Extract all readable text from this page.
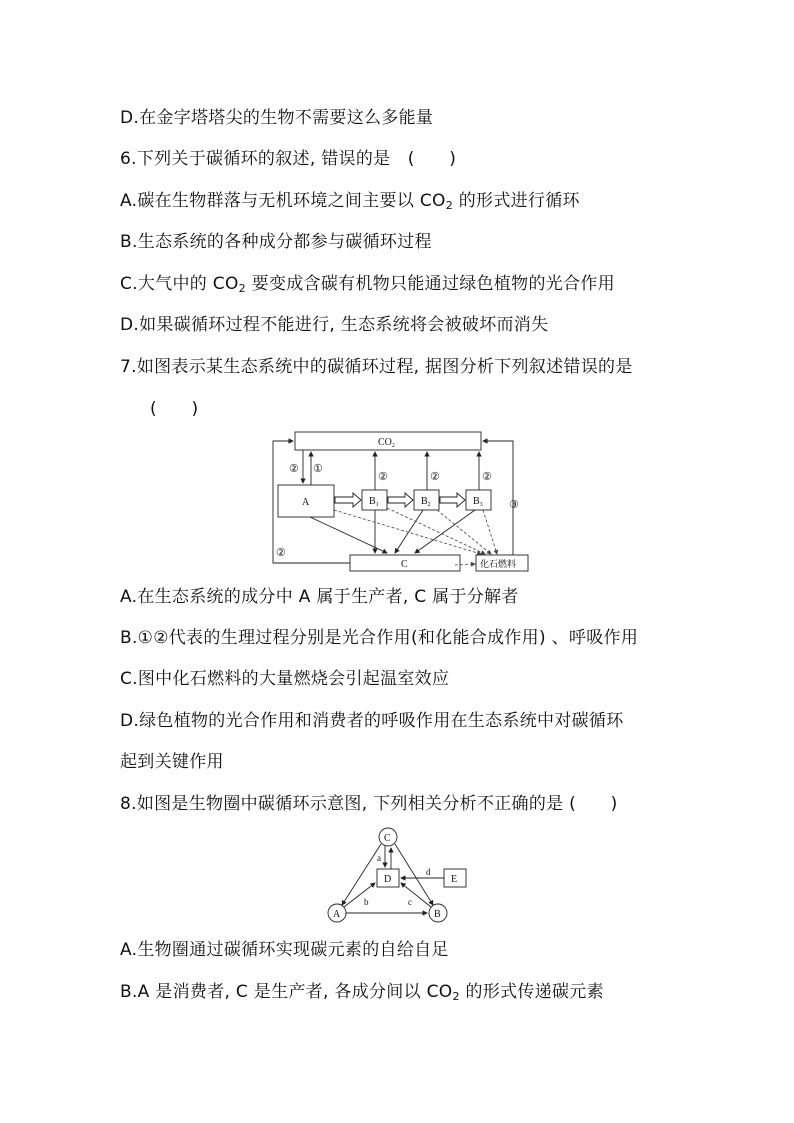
D.在金字塔塔尖的生物不需要这么多能量
6.下列关于碳循环的叙述, 错误的是　(　　)
A.碳在生物群落与无机环境之间主要以 $CO_2$ 的形式进行循环
B.生态系统的各种成分都参与碳循环过程
C.大气中的 $CO_2$ 要变成含碳有机物只能通过绿色植物的光合作用
D.如果碳循环过程不能进行, 生态系统将会被破坏而消失
7.如图表示某生态系统中的碳循环过程, 据图分析下列叙述错误的是
(　　)
$CO_2$
A	$B_1$	$B_2$	$B_3$
C	化石燃料
② ①
②	②	②
②
③
A.在生态系统的成分中 A 属于生产者, C 属于分解者
B.①②代表的生理过程分别是光合作用(和化能合成作用) 、呼吸作用
C.图中化石燃料的大量燃烧会引起温室效应
D.绿色植物的光合作用和消费者的呼吸作用在生态系统中对碳循环
起到关键作用
8.如图是生物圈中碳循环示意图, 下列相关分析不正确的是 (　　)
C
D	E
A	B
a
b	c
d
A.生物圈通过碳循环实现碳元素的自给自足
B.A 是消费者, C 是生产者, 各成分间以 $CO_2$ 的形式传递碳元素
